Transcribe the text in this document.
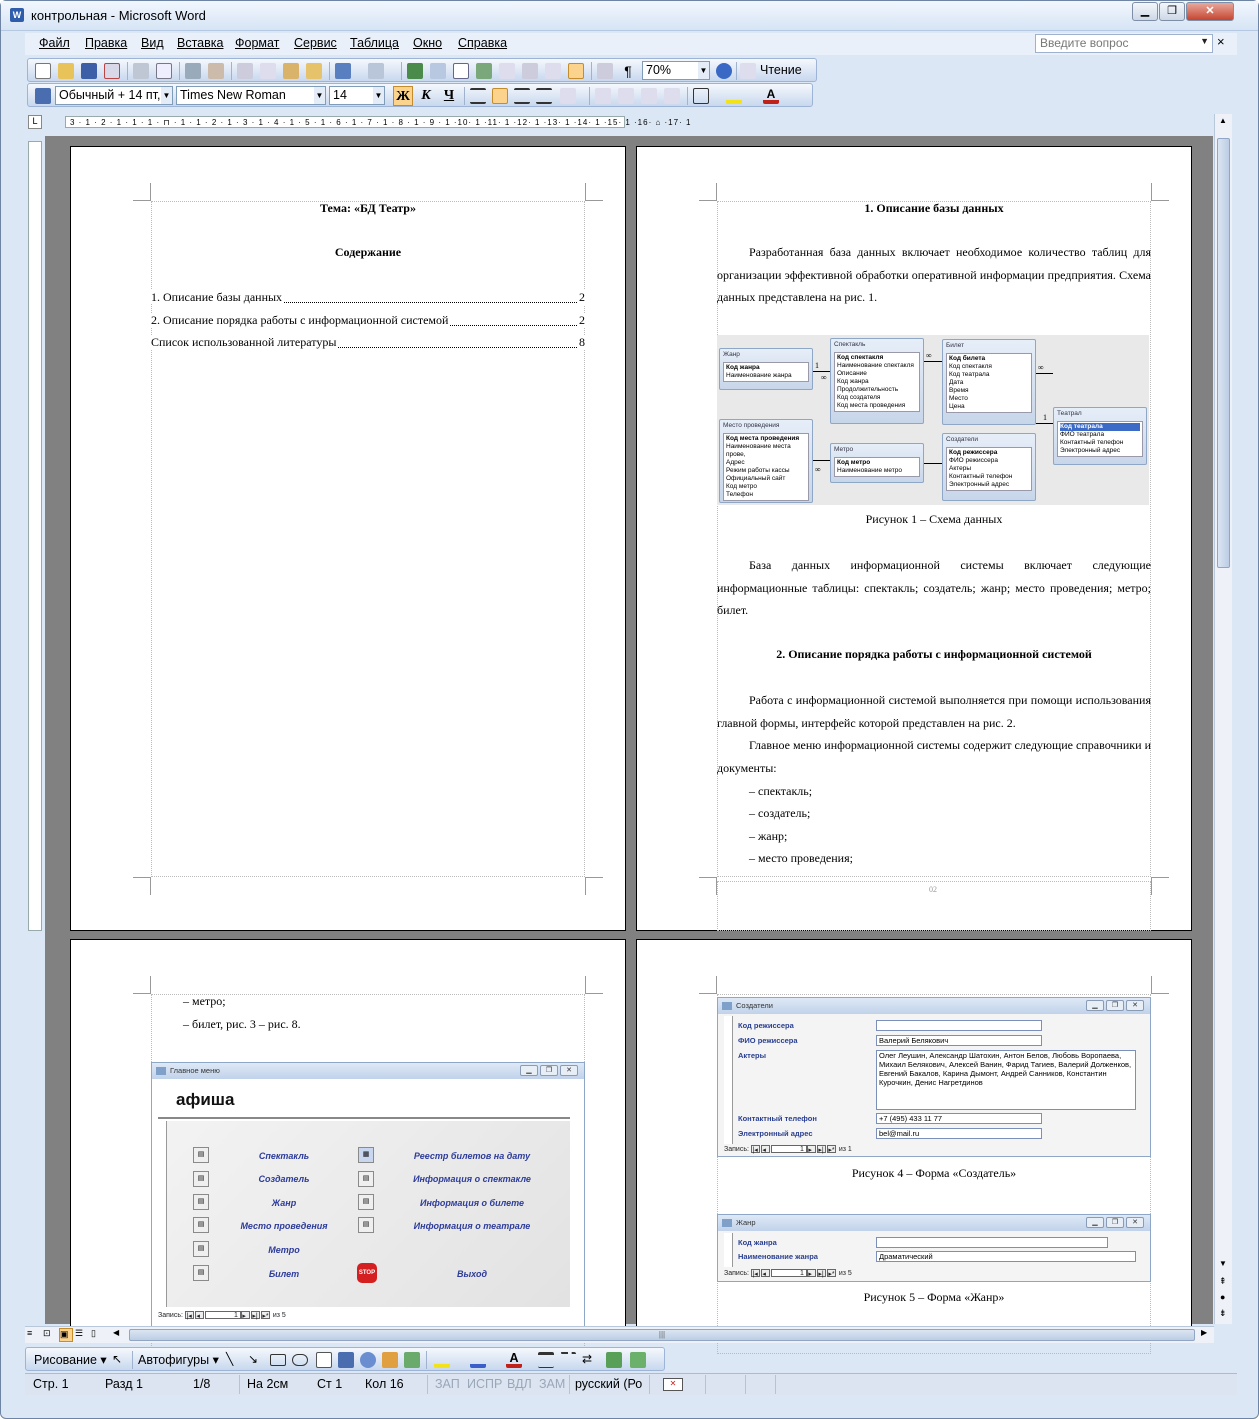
W контрольная - Microsoft Word	▁	❐	✕
Файл Правка Вид Вставка Формат Сервис Таблица Окно Справка	Введите вопрос	▼ ×
¶	70%	▼	Чтение
Обычный + 14 пт, ▼ Times New Roman	▼ 14	▼ Ж К Ч	A
L	3 · 1 · 2 · 1 · 1 · 1 · ⊓ · 1 · 1 · 2 · 1 · 3 · 1 · 4 · 1 · 5 · 1 · 6 · 1 · 7 · 1 · 8 · 1 · 9 · 1 ·10· 1 ·11· 1 ·12· 1 ·13· 1 ·14· 1 ·15· 1 ·16· ⌂ ·17· 1
Тема: «БД Театр»
Содержание
1. Описание базы данных	2
2. Описание порядка работы с информационной системой	2
Список использованной литературы	8
1. Описание базы данных
Разработанная база данных включает необходимое количество таблиц для организации эффективной обработки оперативной информации предприятия. Схема данных представлена на рис. 1.
Жанр
Код жанра
Наименование жанра
Спектакль
Код спектакля
Наименование спектакля
Описание
Код жанра
Продолжительность
Код создателя
Код места проведения
Билет
Код билета
Код спектакля
Код театрала
Дата
Время
Место
Цена
Театрал
Код театрала
ФИО театрала
Контактный телефон
Электронный адрес
Место проведения
Код места проведения
Наименование места прове,
Адрес
Режим работы кассы
Официальный сайт
Код метро
Телефон
Метро
Код метро
Наименование метро
Создатели
Код режиссера
ФИО режиссера
Актеры
Контактный телефон
Электронный адрес
1
∞
∞
∞
1
∞
Рисунок 1 – Схема данных
База данных информационной системы включает следующие информационные таблицы: спектакль; создатель; жанр; место проведения; метро; билет.
2. Описание порядка работы с информационной системой
Работа с информационной системой выполняется при помощи использования главной формы, интерфейс которой представлен на рис. 2.
Главное меню информационной системы содержит следующие справочники и документы:
– спектакль;
– создатель;
– жанр;
– место проведения;
02
– метро;
– билет, рис. 3 – рис. 8.
Главное меню	▁	❐	✕
афиша
▤	Спектакль
▤	Создатель
▤	Жанр
▤	Место проведения
▤	Метро
▤	Билет
▦	Реестр билетов на дату
▤	Информация о спектакле
▤	Информация о билете
▤	Информация о театрале
STOP	Выход
Запись: |◂ ◂	1 ▸ ▸| ▸* из 5
Создатели	▁	❐	✕
Код режиссера
ФИО режиссера	Валерий Белякович
Актеры	Олег Леушин, Александр Шатохин, Антон Белов, Любовь Воропаева, Михаил Белякович, Алексей Ванин, Фарид Тагиев, Валерий Долженков, Евгений Бакалов, Карина Дымонт, Андрей Санников, Константин Курочкин, Денис Нагретдинов
Контактный телефон	+7 (495) 433 11 77
Электронный адрес	bel@mail.ru
Запись: |◂ ◂	1 ▸ ▸| ▸* из 1
Рисунок 4 – Форма «Создатель»
Жанр	▁	❐	✕
Код жанра
Наименование жанра	Драматический
Запись: |◂ ◂	1 ▸ ▸| ▸* из 5
Рисунок 5 – Форма «Жанр»
▲
▼
⇞
●
⇟
≡	⊡	▣ ☰ ▯	◀	|||	▶
Рисование ▾ ↖	Автофигуры ▾ ╲	↘	A	⇄
Стр. 1	Разд 1	1/8	На 2см Ст 1 Кол 16	ЗАП ИСПР ВДЛ ЗАМ русский (Ро	✕
